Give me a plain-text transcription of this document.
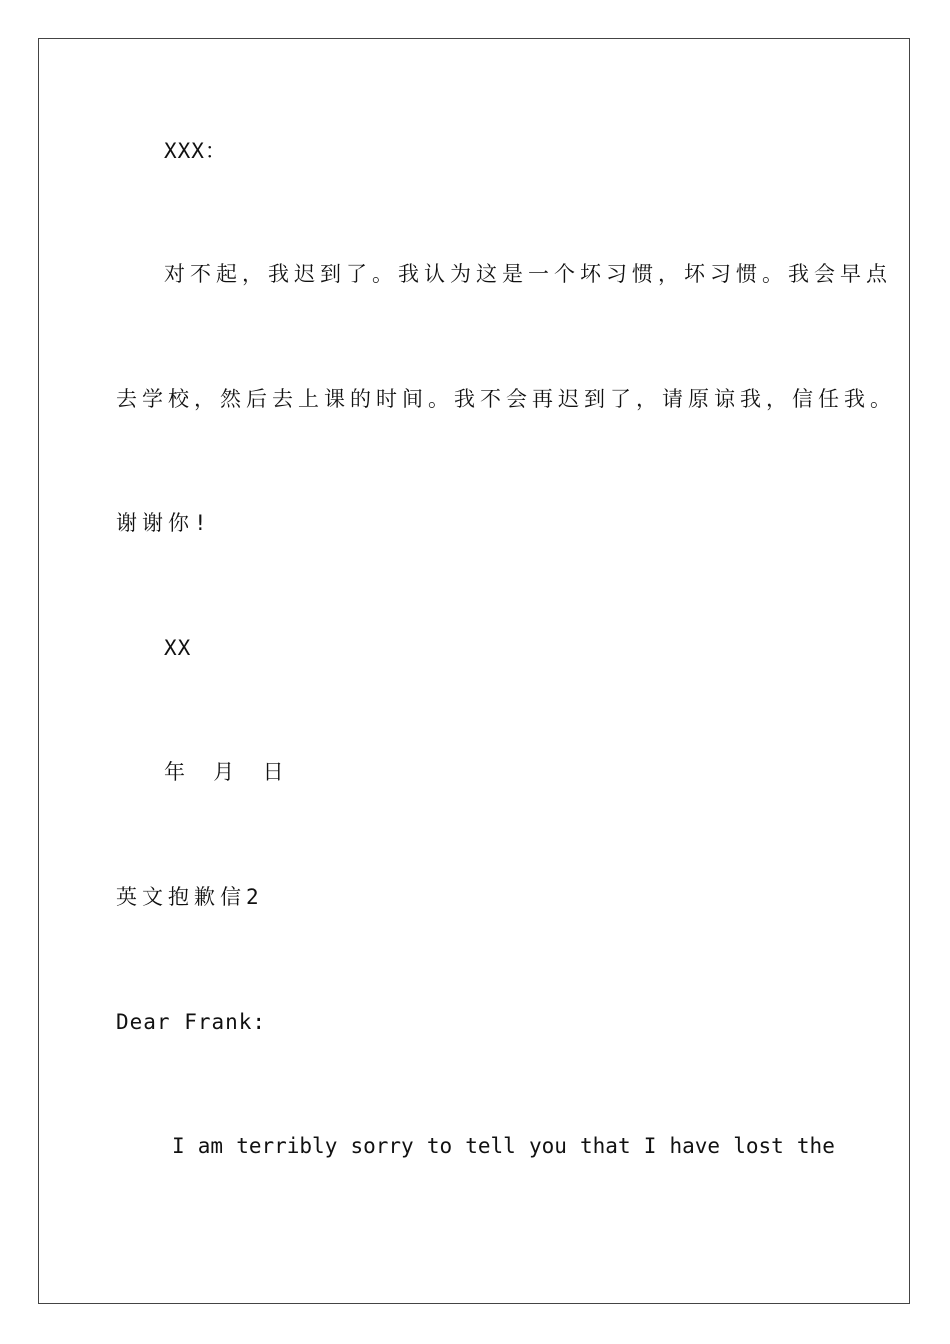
XXX：
对不起，我迟到了。我认为这是一个坏习惯，坏习惯。我会早点
去学校，然后去上课的时间。我不会再迟到了，请原谅我，信任我。
谢谢你!
XX
年  月  日
英文抱歉信2
Dear Frank:
I am terribly sorry to tell you that I have lost the
